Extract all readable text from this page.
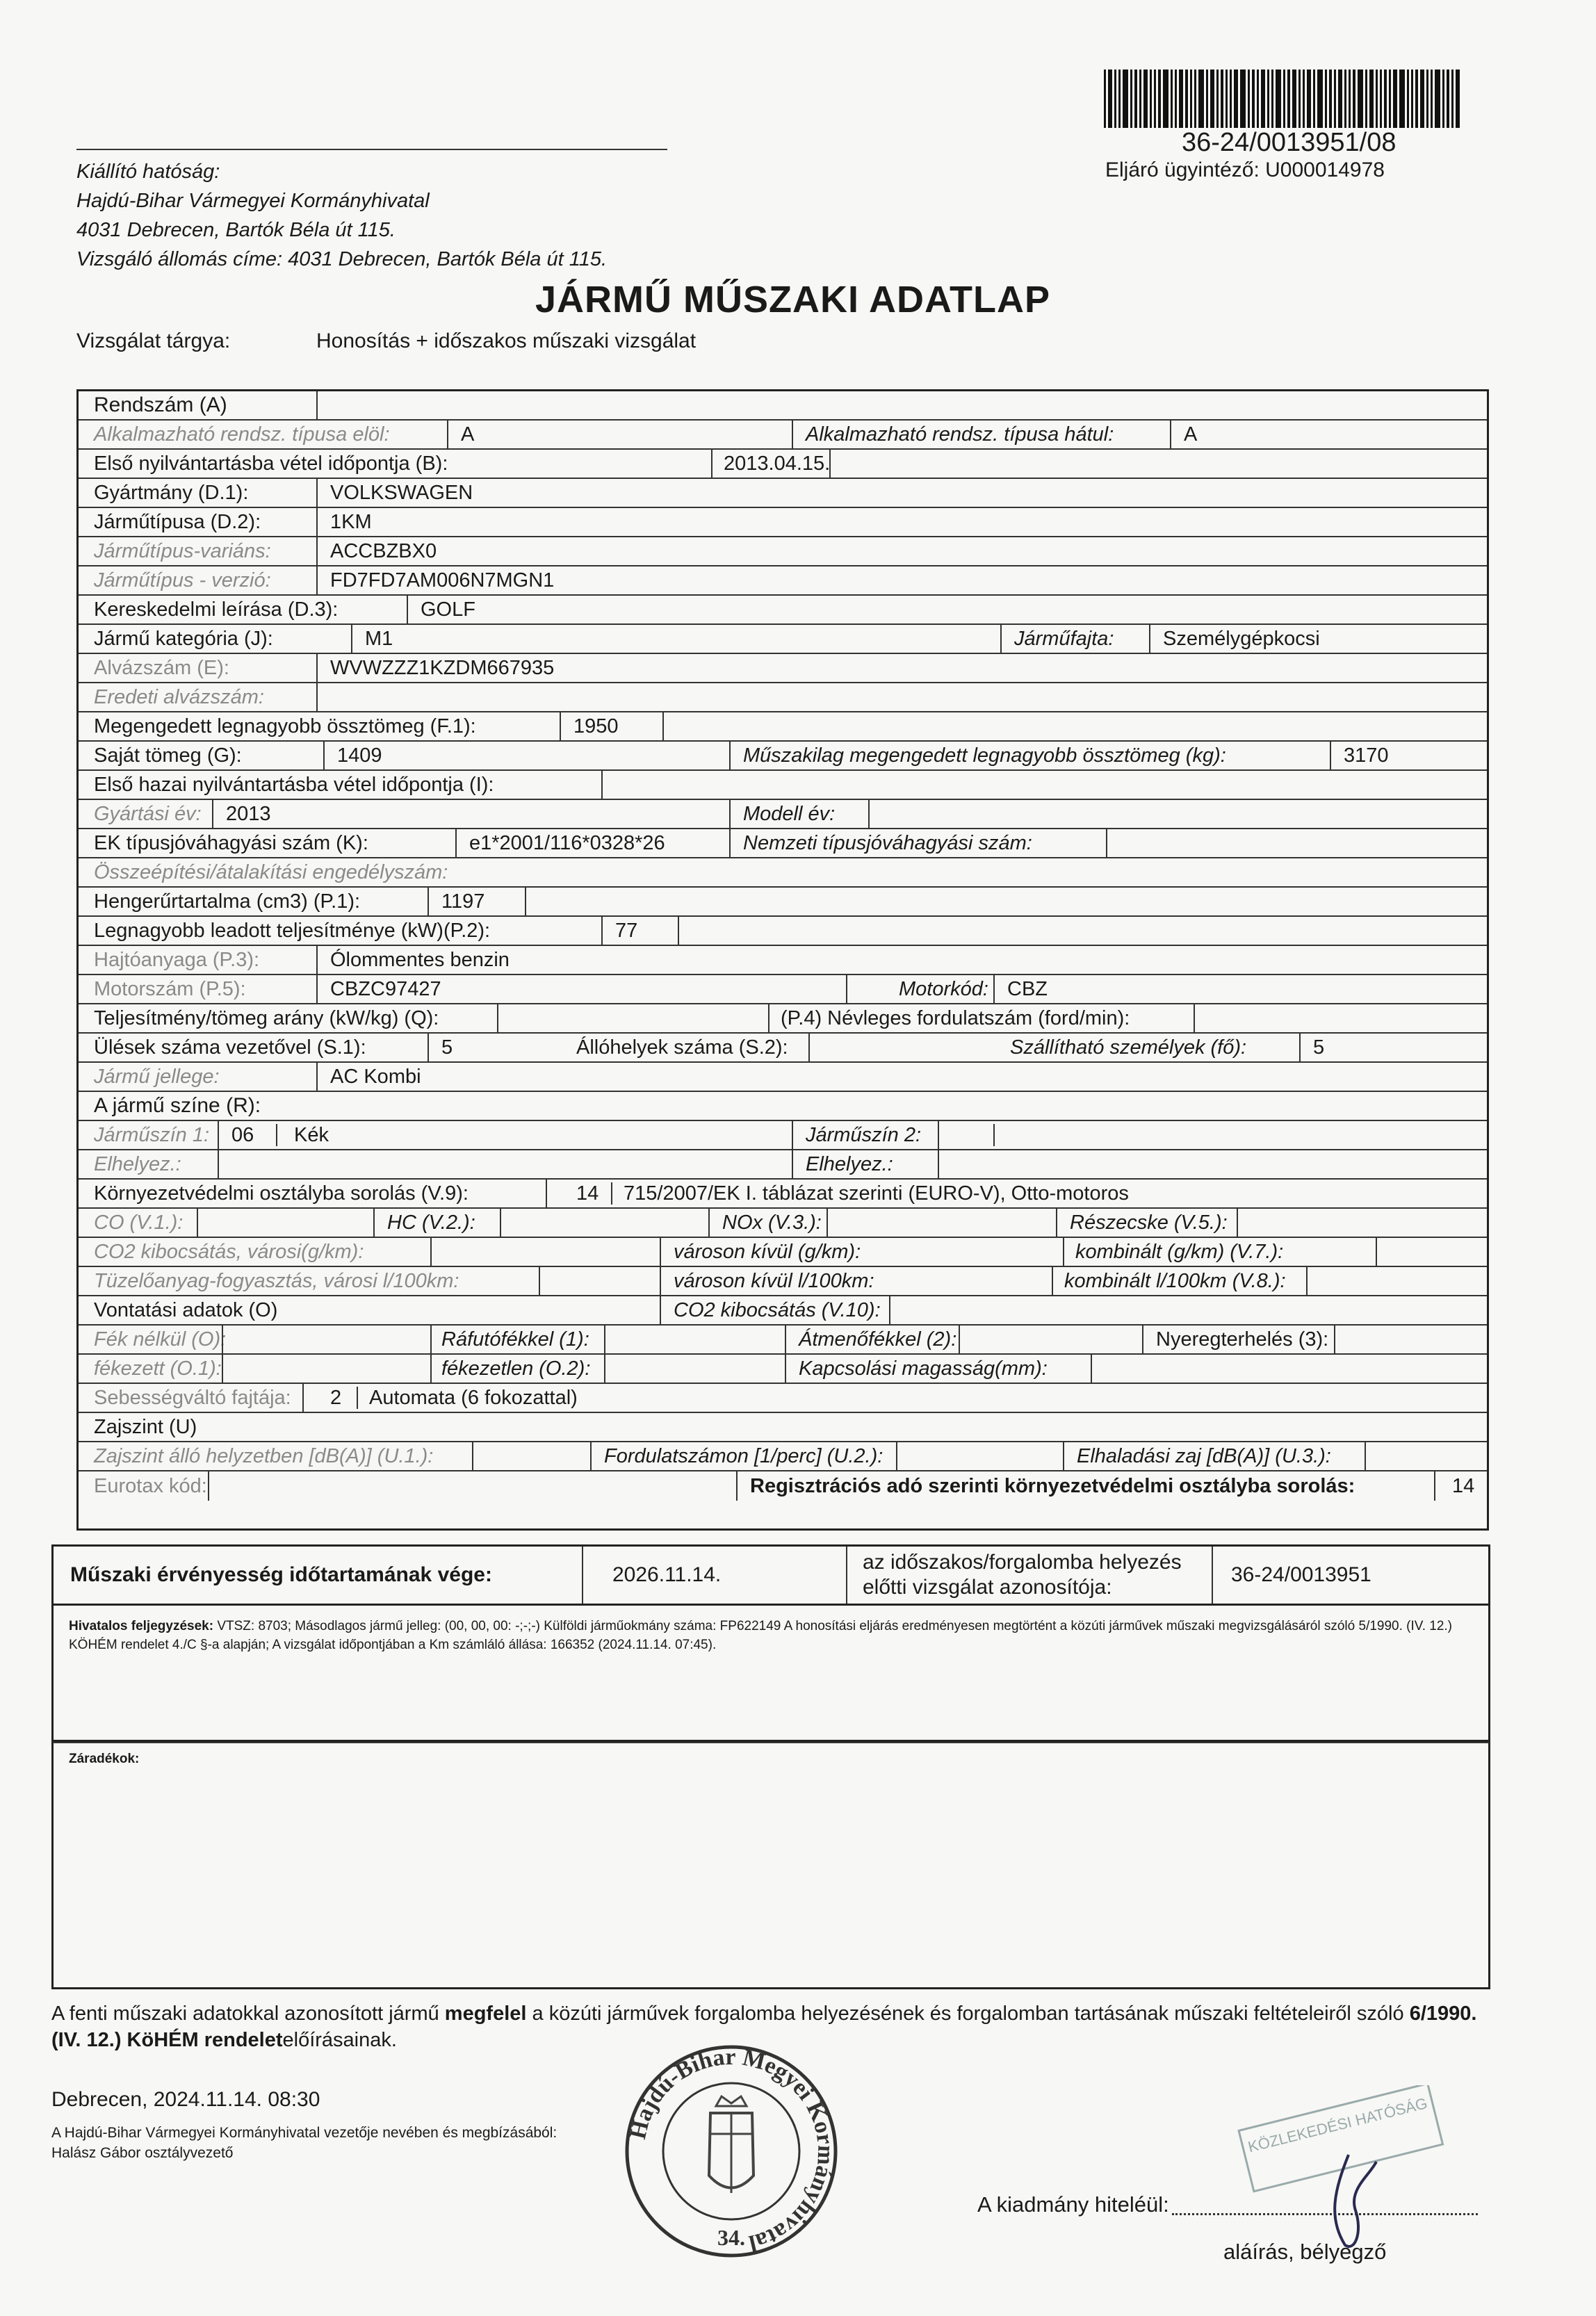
Kiállító hatóság:
Hajdú-Bihar Vármegyei Kormányhivatal
4031 Debrecen, Bartók Béla út 115.
Vizsgáló állomás címe: 4031 Debrecen, Bartók Béla út 115.
36-24/0013951/08
Eljáró ügyintéző: U000014978
JÁRMŰ MŰSZAKI ADATLAP
Vizsgálat tárgya:	Honosítás + időszakos műszaki vizsgálat
Rendszám (A)
Alkalmazható rendsz. típusa elöl:	A	Alkalmazható rendsz. típusa hátul:	A
Első nyilvántartásba vétel időpontja (B):	2013.04.15.
Gyártmány (D.1):	VOLKSWAGEN
Járműtípusa (D.2):	1KM
Járműtípus-variáns:	ACCBZBX0
Járműtípus - verzió:	FD7FD7AM006N7MGN1
Kereskedelmi leírása (D.3):	GOLF
Jármű kategória (J):	M1	Járműfajta:	Személygépkocsi
Alvázszám (E):	WVWZZZ1KZDM667935
Eredeti alvázszám:
Megengedett legnagyobb össztömeg (F.1):	1950
Saját tömeg (G):	1409	Műszakilag megengedett legnagyobb össztömeg (kg):	3170
Első hazai nyilvántartásba vétel időpontja (I):
Gyártási év:	2013	Modell év:
EK típusjóváhagyási szám (K):	e1*2001/116*0328*26	Nemzeti típusjóváhagyási szám:
Összeépítési/átalakítási engedélyszám:
Hengerűrtartalma (cm3) (P.1):	1197
Legnagyobb leadott teljesítménye (kW)(P.2):	77
Hajtóanyaga (P.3):	Ólommentes benzin
Motorszám (P.5):	CBZC97427	Motorkód: CBZ
Teljesítmény/tömeg arány (kW/kg) (Q):	(P.4) Névleges fordulatszám (ford/min):
Ülések száma vezetővel (S.1):	5	Állóhelyek száma (S.2):	Szállítható személyek (fő):	5
Jármű jellege:	AC Kombi
A jármű színe (R):
Járműszín 1:	06	Kék	Járműszín 2:
Elhelyez.:	Elhelyez.:
Környezetvédelmi osztályba sorolás (V.9):	14	715/2007/EK I. táblázat szerinti (EURO-V), Otto-motoros
CO (V.1.):	HC (V.2.):	NOx (V.3.):	Részecske (V.5.):
CO2 kibocsátás, városi(g/km):	városon kívül (g/km):	kombinált (g/km) (V.7.):
Tüzelőanyag-fogyasztás, városi l/100km:	városon kívül l/100km:	kombinált l/100km (V.8.):
Vontatási adatok (O)	CO2 kibocsátás (V.10):
Fék nélkül (O):	Ráfutófékkel (1):	Átmenőfékkel (2):	Nyeregterhelés (3):
fékezett (O.1):	fékezetlen (O.2):	Kapcsolási magasság(mm):
Sebességváltó fajtája:	2	Automata (6 fokozattal)
Zajszint (U)
Zajszint álló helyzetben [dB(A)] (U.1.):	Fordulatszámon [1/perc] (U.2.):	Elhaladási zaj [dB(A)] (U.3.):
Eurotax kód:	Regisztrációs adó szerinti környezetvédelmi osztályba sorolás:	14
Műszaki érvényesség időtartamának vége:	2026.11.14.
az időszakos/forgalomba helyezés
előtti vizsgálat azonosítója:
36-24/0013951
Hivatalos feljegyzések: VTSZ: 8703; Másodlagos jármű jelleg: (00, 00, 00: -;-;-) Külföldi járműokmány száma: FP622149 A honosítási eljárás eredményesen megtörtént a közúti járművek műszaki megvizsgálásáról szóló 5/1990. (IV. 12.) KÖHÉM rendelet 4./C §-a alapján; A vizsgálat időpontjában a Km számláló állása: 166352 (2024.11.14. 07:45).
Záradékok:
A fenti műszaki adatokkal azonosított jármű megfelel a közúti járművek forgalomba helyezésének és forgalomban tartásának műszaki feltételeiről szóló 6/1990. (IV. 12.) KöHÉM rendeletelőírásainak.
Debrecen, 2024.11.14. 08:30
A Hajdú-Bihar Vármegyei Kormányhivatal vezetője nevében és megbízásából:
Halász Gábor osztályvezető
Hajdú-Bihar Megyei Kormányhivatal
34.
KÖZLEKEDÉSI HATÓSÁG
A kiadmány hiteléül:
aláírás, bélyegző
